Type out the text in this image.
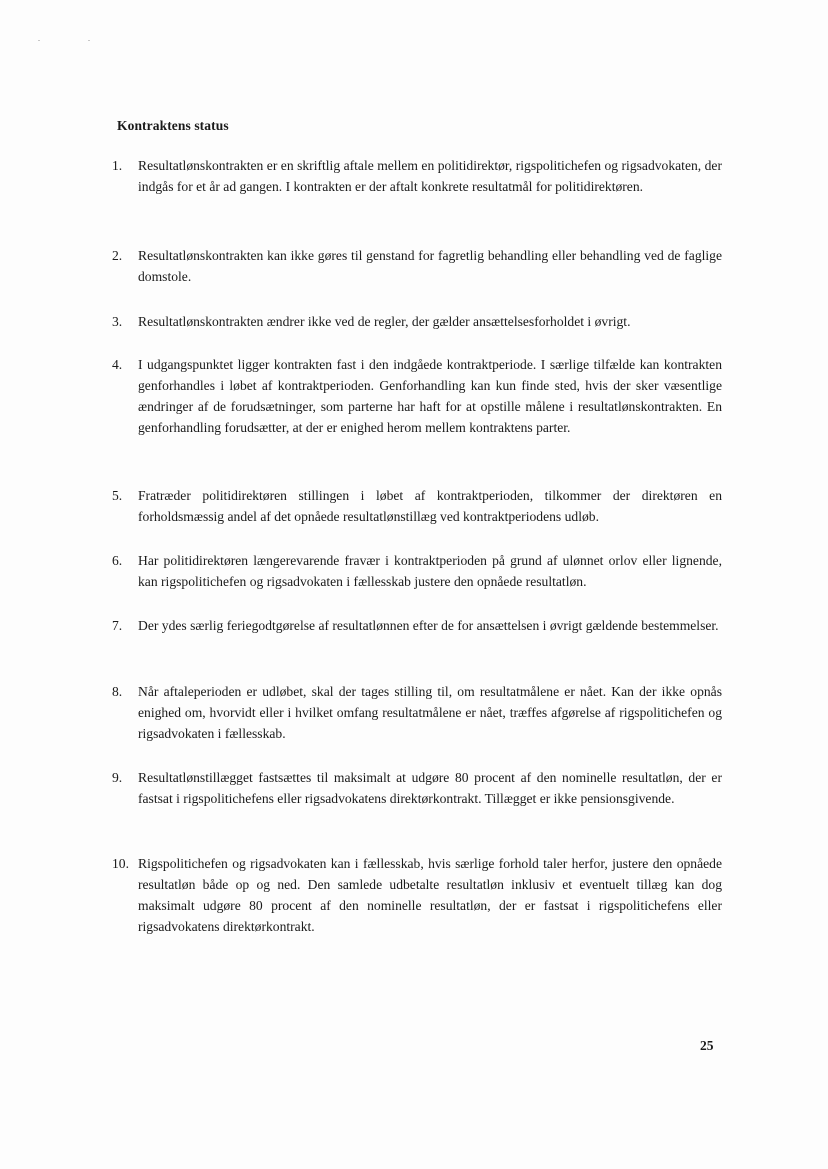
Kontraktens status
1.	Resultatlønskontrakten er en skriftlig aftale mellem en politidirektør, rigspolitichefen og rigsadvokaten, der indgås for et år ad gangen. I kontrakten er der aftalt konkrete resultatmål for politidirektøren.
2.	Resultatlønskontrakten kan ikke gøres til genstand for fagretlig behandling eller behandling ved de faglige domstole.
3.	Resultatlønskontrakten ændrer ikke ved de regler, der gælder ansættelsesforholdet i øvrigt.
4.	I udgangspunktet ligger kontrakten fast i den indgåede kontraktperiode. I særlige tilfælde kan kontrakten genforhandles i løbet af kontraktperioden. Genforhandling kan kun finde sted, hvis der sker væsentlige ændringer af de forudsætninger, som parterne har haft for at opstille målene i resultatlønskontrakten. En genforhandling forudsætter, at der er enighed herom mellem kontraktens parter.
5.	Fratræder politidirektøren stillingen i løbet af kontraktperioden, tilkommer der direktøren en forholdsmæssig andel af det opnåede resultatlønstillæg ved kontraktperiodens udløb.
6.	Har politidirektøren længerevarende fravær i kontraktperioden på grund af ulønnet orlov eller lignende, kan rigspolitichefen og rigsadvokaten i fællesskab justere den opnåede resultatløn.
7.	Der ydes særlig feriegodtgørelse af resultatlønnen efter de for ansættelsen i øvrigt gældende bestemmelser.
8.	Når aftaleperioden er udløbet, skal der tages stilling til, om resultatmålene er nået. Kan der ikke opnås enighed om, hvorvidt eller i hvilket omfang resultatmålene er nået, træffes afgørelse af rigspolitichefen og rigsadvokaten i fællesskab.
9.	Resultatlønstillægget fastsættes til maksimalt at udgøre 80 procent af den nominelle resultatløn, der er fastsat i rigspolitichefens eller rigsadvokatens direktørkontrakt. Tillægget er ikke pensionsgivende.
10. Rigspolitichefen og rigsadvokaten kan i fællesskab, hvis særlige forhold taler herfor, justere den opnåede resultatløn både op og ned. Den samlede udbetalte resultatløn inklusiv et eventuelt tillæg kan dog maksimalt udgøre 80 procent af den nominelle resultatløn, der er fastsat i rigspolitichefens eller rigsadvokatens direktørkontrakt.
25
